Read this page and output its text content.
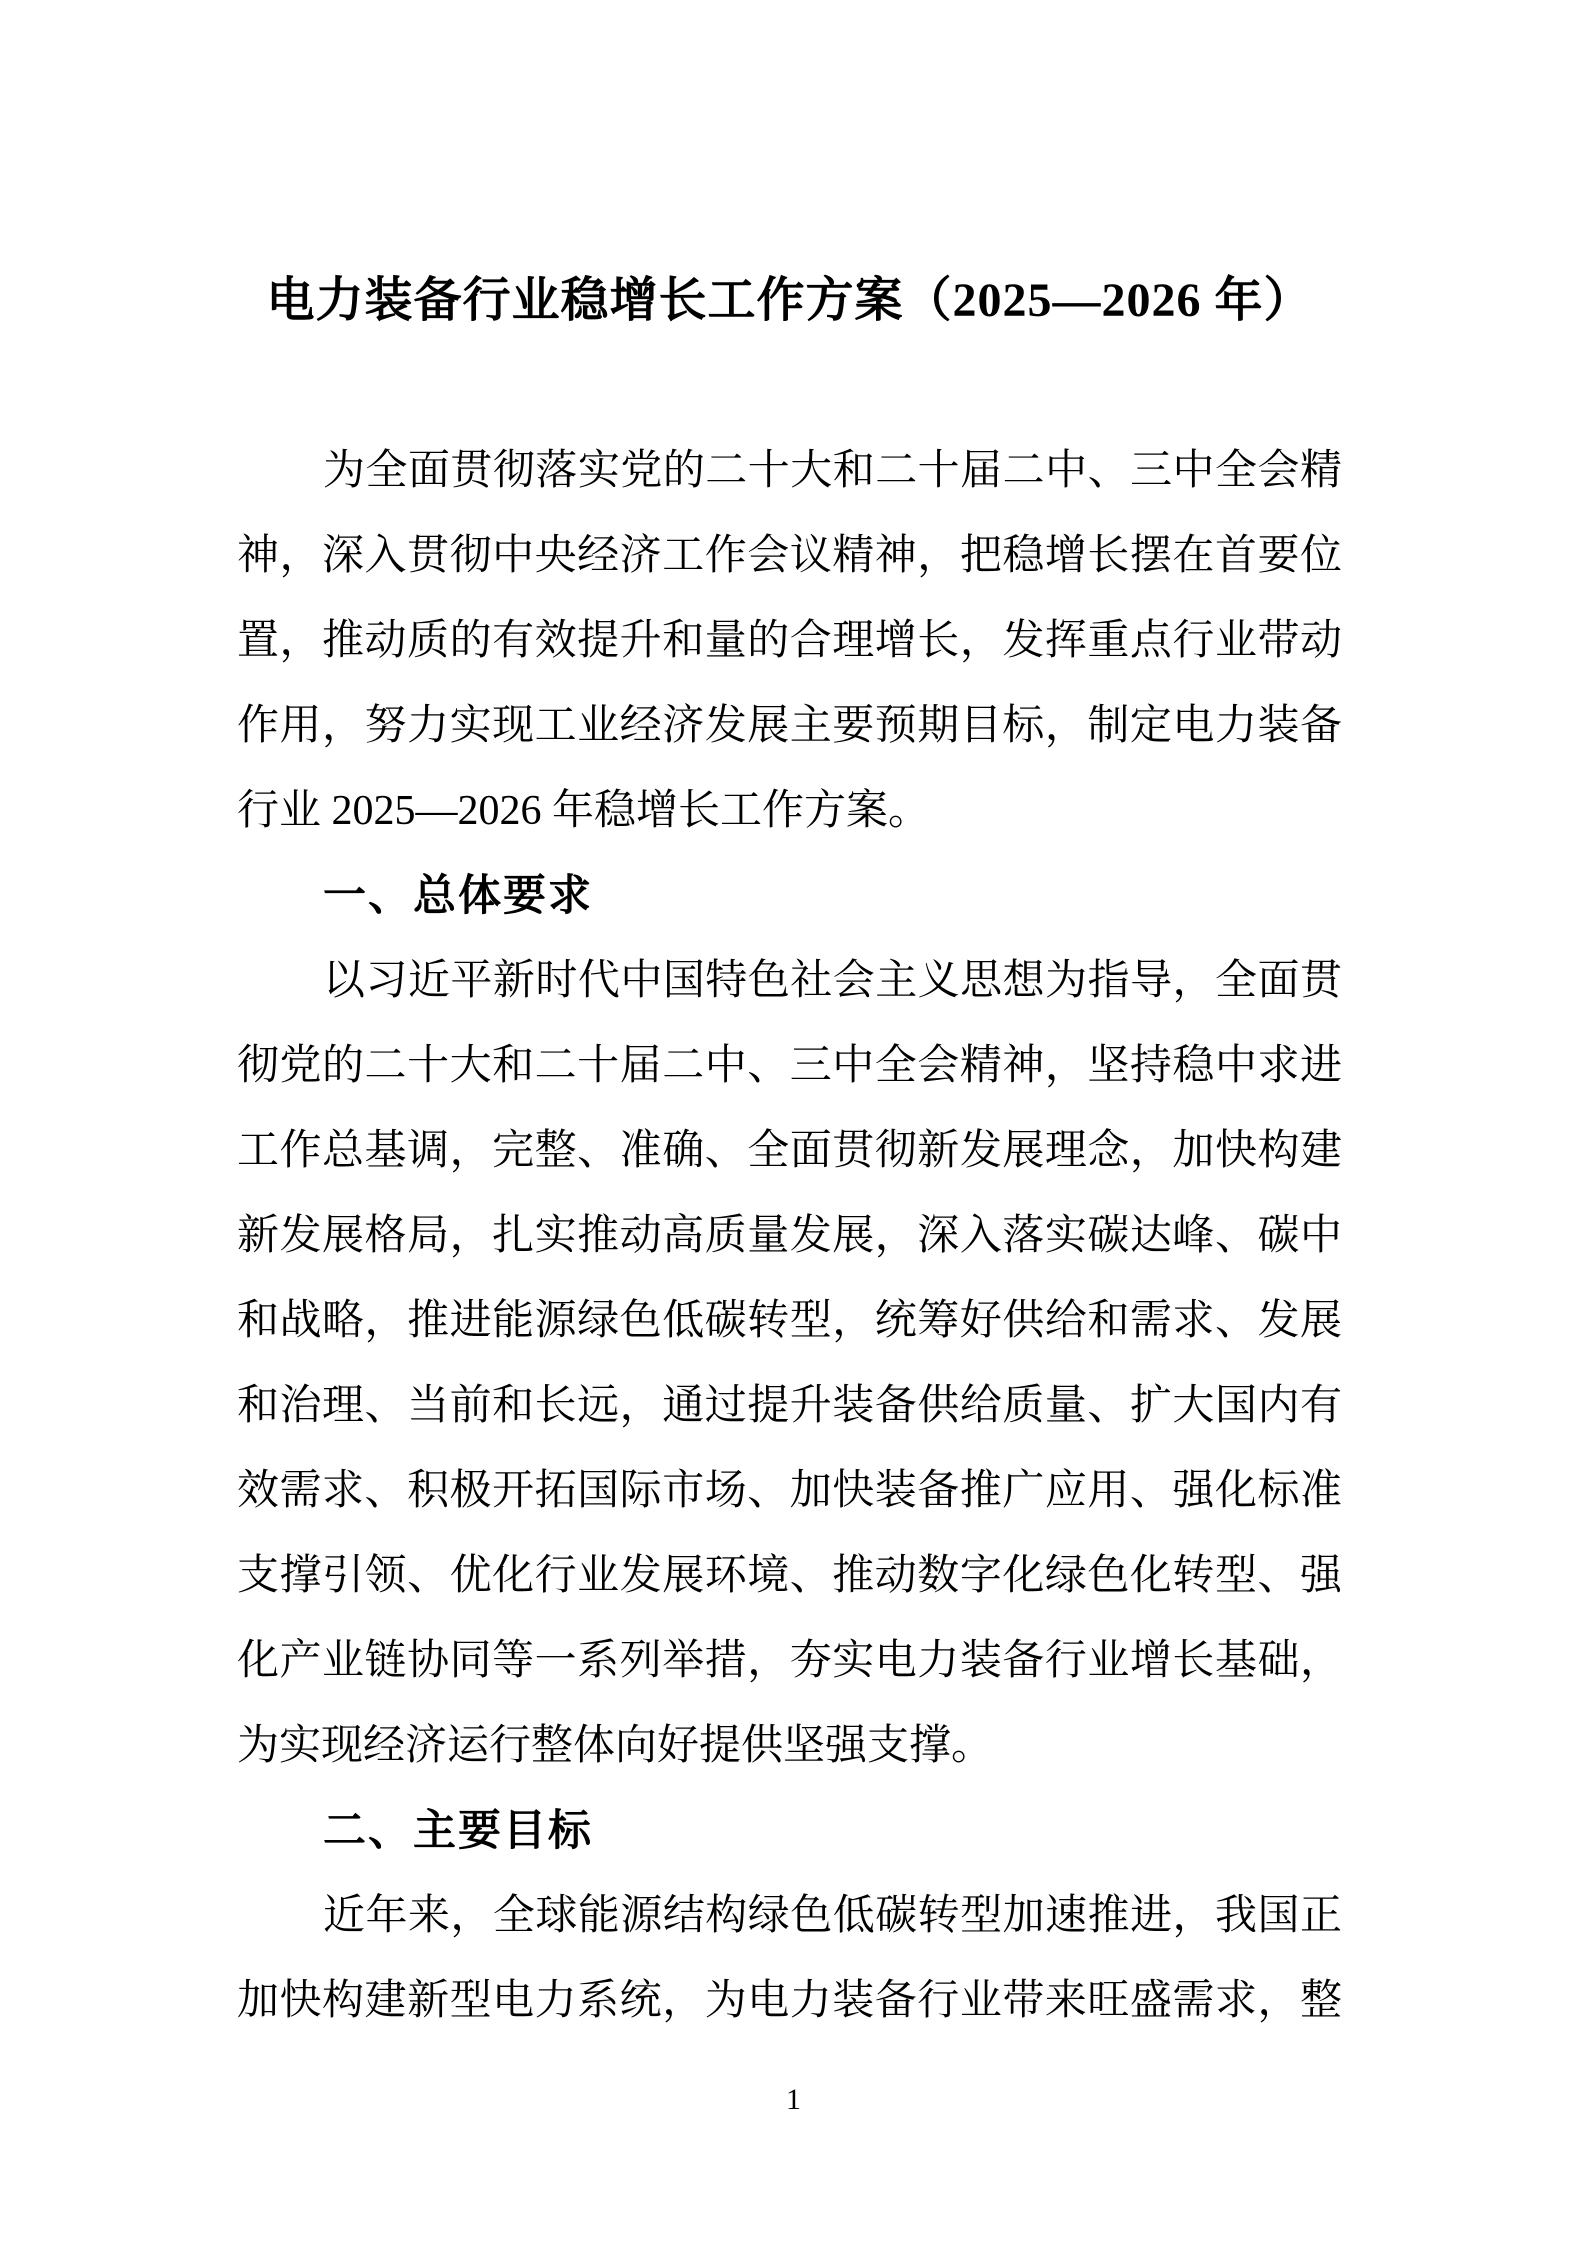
电力装备行业稳增长工作方案（2025—2026 年）
为全面贯彻落实党的二十大和二十届二中、三中全会精
神，深入贯彻中央经济工作会议精神，把稳增长摆在首要位
置，推动质的有效提升和量的合理增长，发挥重点行业带动
作用，努力实现工业经济发展主要预期目标，制定电力装备
行业 2025—2026 年稳增长工作方案。
一、总体要求
以习近平新时代中国特色社会主义思想为指导，全面贯
彻党的二十大和二十届二中、三中全会精神，坚持稳中求进
工作总基调，完整、准确、全面贯彻新发展理念，加快构建
新发展格局，扎实推动高质量发展，深入落实碳达峰、碳中
和战略，推进能源绿色低碳转型，统筹好供给和需求、发展
和治理、当前和长远，通过提升装备供给质量、扩大国内有
效需求、积极开拓国际市场、加快装备推广应用、强化标准
支撑引领、优化行业发展环境、推动数字化绿色化转型、强
化产业链协同等一系列举措，夯实电力装备行业增长基础，
为实现经济运行整体向好提供坚强支撑。
二、主要目标
近年来，全球能源结构绿色低碳转型加速推进，我国正
加快构建新型电力系统，为电力装备行业带来旺盛需求，整
1
